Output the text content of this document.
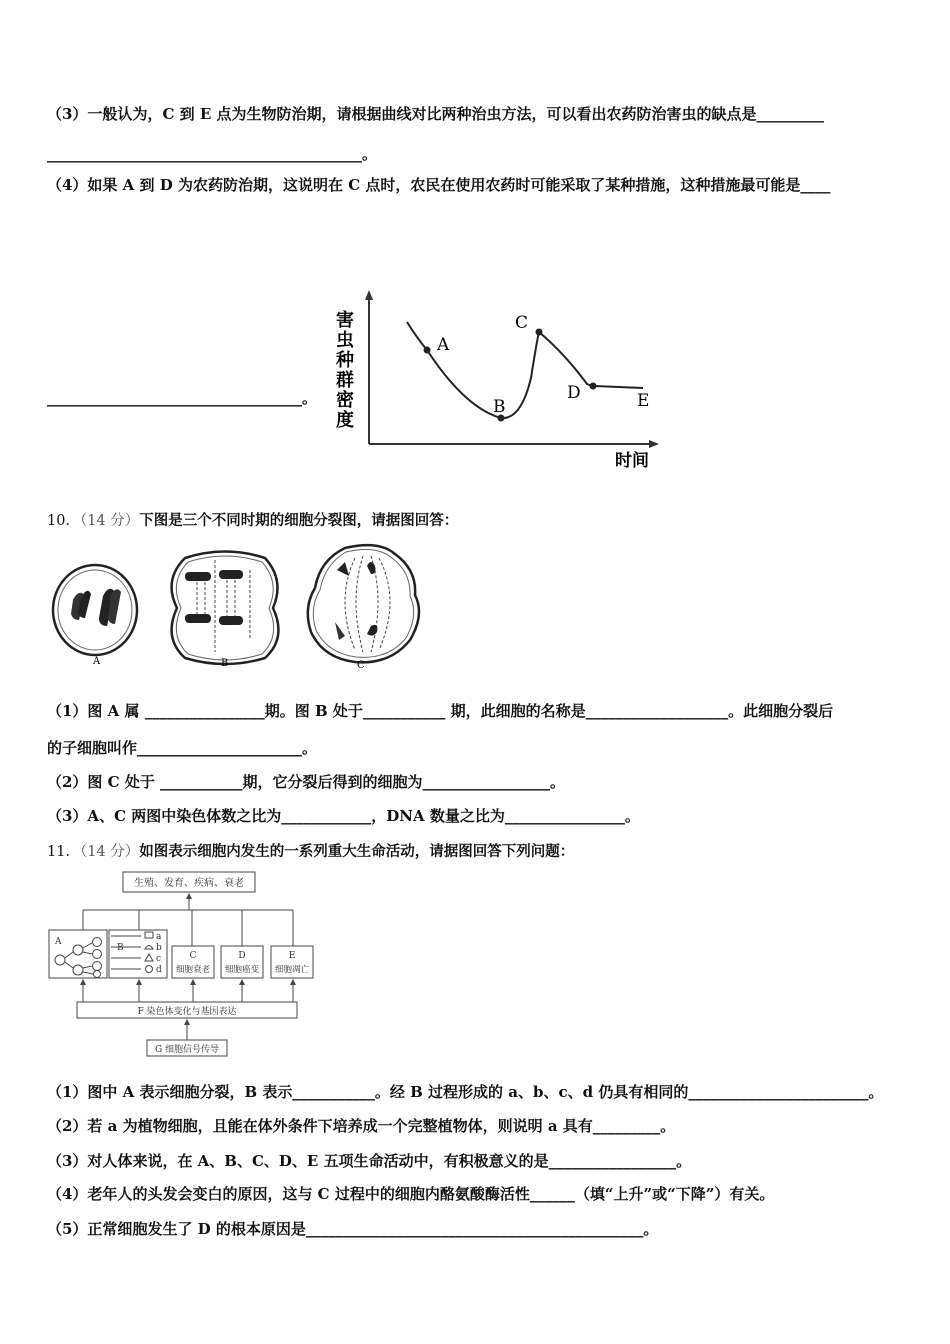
（3）一般认为，C 到 E 点为生物防治期，请根据曲线对比两种治虫方法，可以看出农药防治害虫的缺点是_________
__________________________________________。
（4）如果 A 到 D 为农药防治期，这说明在 C 点时，农民在使用农药时可能采取了某种措施，这种措施最可能是____
__________________________________。
害虫种群密度
A
B
C
D	E
时间
10．（14 分）下图是三个不同时期的细胞分裂图，请据图回答：
A	B	C
（1）图 A 属 ________________期。图 B 处于___________ 期，此细胞的名称是___________________。此细胞分裂后
的子细胞叫作______________________。
（2）图 C 处于 ___________期，它分裂后得到的细胞为_________________。
（3）A、C 两图中染色体数之比为____________，DNA 数量之比为________________。
11．（14 分）如图表示细胞内发生的一系列重大生命活动，请据图回答下列问题：
生殖、发育、疾病、衰老
A
B
a
b
c
d
C
细胞衰老
D
细胞癌变
E
细胞凋亡
F 染色体变化与基因表达
G 细胞信号传导
（1）图中 A 表示细胞分裂，B 表示___________。经 B 过程形成的 a、b、c、d 仍具有相同的________________________。
（2）若 a 为植物细胞，且能在体外条件下培养成一个完整植物体，则说明 a 具有_________。
（3）对人体来说，在 A、B、C、D、E 五项生命活动中，有积极意义的是_________________。
（4）老年人的头发会变白的原因，这与 C 过程中的细胞内酪氨酸酶活性______（填“上升”或“下降”）有关。
（5）正常细胞发生了 D 的根本原因是_____________________________________________。
